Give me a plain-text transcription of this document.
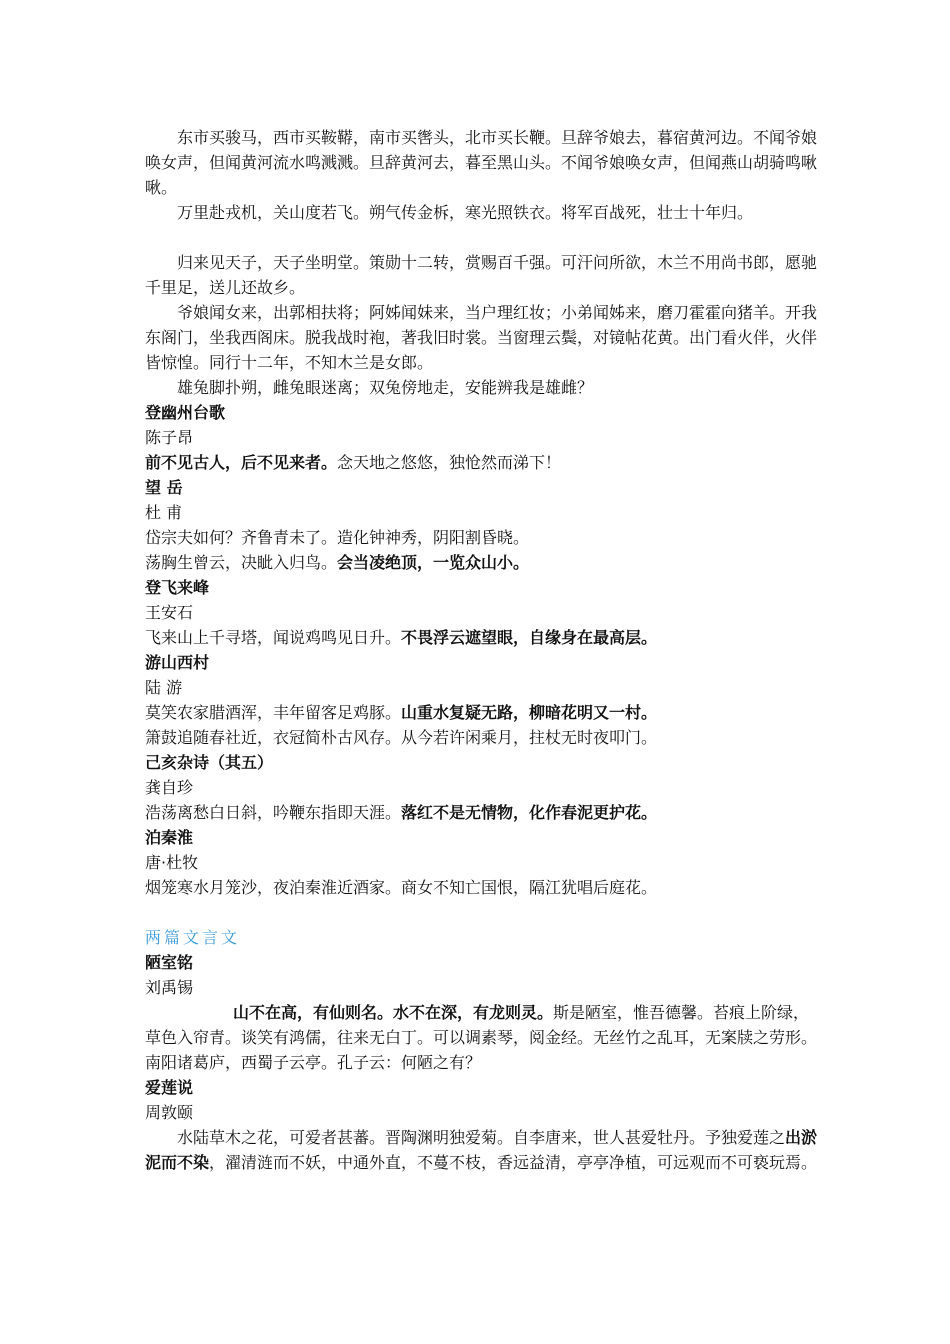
东市买骏马，西市买鞍鞯，南市买辔头，北市买长鞭。旦辞爷娘去，暮宿黄河边。不闻爷娘唤女声，但闻黄河流水鸣溅溅。旦辞黄河去，暮至黑山头。不闻爷娘唤女声，但闻燕山胡骑鸣啾啾。

万里赴戎机，关山度若飞。朔气传金柝，寒光照铁衣。将军百战死，壮士十年归。

归来见天子，天子坐明堂。策勋十二转，赏赐百千强。可汗问所欲，木兰不用尚书郎，愿驰千里足，送儿还故乡。

爷娘闻女来，出郭相扶将；阿姊闻妹来，当户理红妆；小弟闻姊来，磨刀霍霍向猪羊。开我东阁门，坐我西阁床。脱我战时袍，著我旧时裳。当窗理云鬓，对镜帖花黄。出门看火伴，火伴皆惊惶。同行十二年，不知木兰是女郎。

雄兔脚扑朔，雌兔眼迷离；双兔傍地走，安能辨我是雄雌？

登幽州台歌

陈子昂

前不见古人，后不见来者。念天地之悠悠，独怆然而涕下！

望 岳

杜 甫

岱宗夫如何？齐鲁青未了。造化钟神秀，阴阳割昏晓。

荡胸生曾云，决眦入归鸟。会当凌绝顶，一览众山小。

登飞来峰

王安石

飞来山上千寻塔，闻说鸡鸣见日升。不畏浮云遮望眼，自缘身在最高层。

游山西村

陆 游

莫笑农家腊酒浑，丰年留客足鸡豚。山重水复疑无路，柳暗花明又一村。

箫鼓追随春社近，衣冠简朴古风存。从今若许闲乘月，拄杖无时夜叩门。

己亥杂诗（其五）

龚自珍

浩荡离愁白日斜，吟鞭东指即天涯。落红不是无情物，化作春泥更护花。

泊秦淮

唐·杜牧

烟笼寒水月笼沙，夜泊秦淮近酒家。商女不知亡国恨，隔江犹唱后庭花。

两篇文言文

陋室铭

刘禹锡

山不在高，有仙则名。水不在深，有龙则灵。斯是陋室，惟吾德馨。苔痕上阶绿，草色入帘青。谈笑有鸿儒，往来无白丁。可以调素琴，阅金经。无丝竹之乱耳，无案牍之劳形。南阳诸葛庐，西蜀子云亭。孔子云：何陋之有？

爱莲说

周敦颐

水陆草木之花，可爱者甚蕃。晋陶渊明独爱菊。自李唐来，世人甚爱牡丹。予独爱莲之出淤泥而不染，濯清涟而不妖，中通外直，不蔓不枝，香远益清，亭亭净植，可远观而不可亵玩焉。
